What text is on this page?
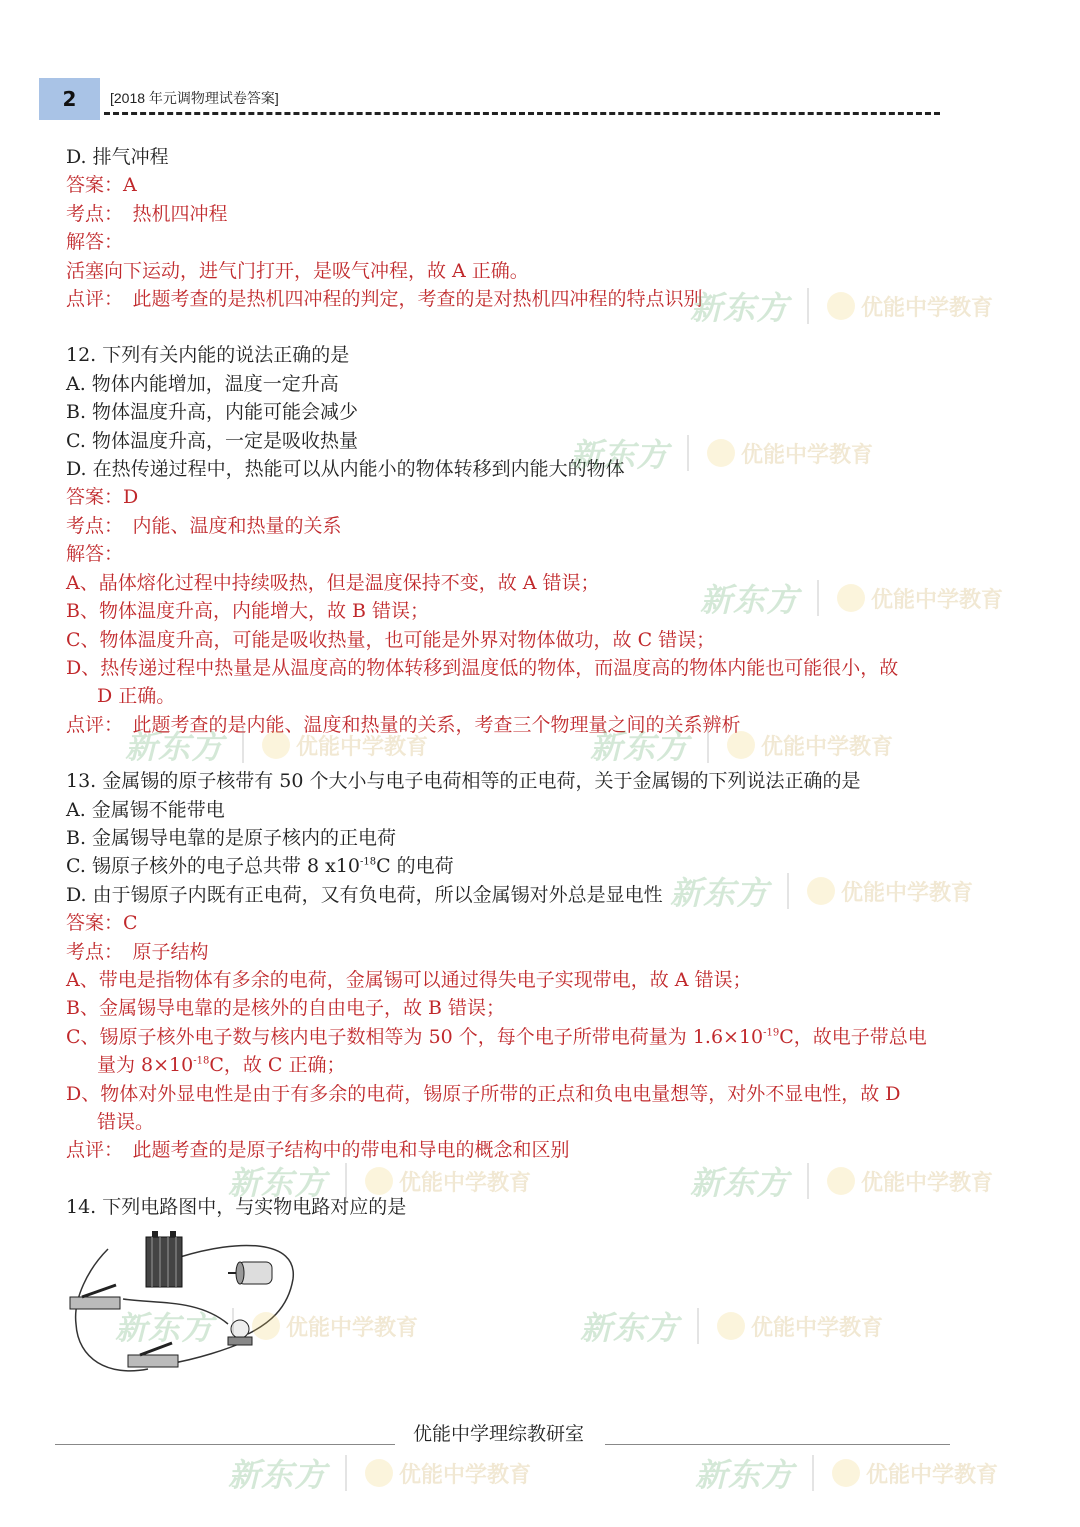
2	[2018 年元调物理试卷答案]
D. 排气冲程
答案：A
考点：　热机四冲程
解答：
活塞向下运动，进气门打开，是吸气冲程，故 A 正确。
点评：　此题考查的是热机四冲程的判定，考查的是对热机四冲程的特点识别
12. 下列有关内能的说法正确的是
A. 物体内能增加，温度一定升高
B. 物体温度升高，内能可能会减少
C. 物体温度升高，一定是吸收热量
D. 在热传递过程中，热能可以从内能小的物体转移到内能大的物体
答案：D
考点：　内能、温度和热量的关系
解答：
A、晶体熔化过程中持续吸热，但是温度保持不变，故 A 错误；
B、物体温度升高，内能增大，故 B 错误；
C、物体温度升高，可能是吸收热量，也可能是外界对物体做功，故 C 错误；
D、热传递过程中热量是从温度高的物体转移到温度低的物体，而温度高的物体内能也可能很小，故
D 正确。
点评：　此题考查的是内能、温度和热量的关系，考查三个物理量之间的关系辨析
13. 金属锡的原子核带有 50 个大小与电子电荷相等的正电荷，关于金属锡的下列说法正确的是
A. 金属锡不能带电
B. 金属锡导电靠的是原子核内的正电荷
C. 锡原子核外的电子总共带 8 $x10^{-18}C$ 的电荷
D. 由于锡原子内既有正电荷，又有负电荷，所以金属锡对外总是显电性
答案：C
考点：　原子结构
A、带电是指物体有多余的电荷，金属锡可以通过得失电子实现带电，故 A 错误；
B、金属锡导电靠的是核外的自由电子，故 B 错误；
C、锡原子核外电子数与核内电子数相等为 50 个，每个电子所带电荷量为 $1.6\times 10^{-19}C$，故电子带总电
量为 $8\times 10^{-18}C$，故 C 正确；
D、物体对外显电性是由于有多余的电荷，锡原子所带的正点和负电电量想等，对外不显电性，故 D
错误。
点评：　此题考查的是原子结构中的带电和导电的概念和区别
14. 下列电路图中，与实物电路对应的是
新东方	优能中学教育
新东方	优能中学教育
新东方	优能中学教育
新东方	优能中学教育	新东方	优能中学教育
新东方	优能中学教育
新东方	优能中学教育	新东方	优能中学教育
新东方	优能中学教育	新东方	优能中学教育
新东方	优能中学教育	新东方	优能中学教育
优能中学理综教研室
